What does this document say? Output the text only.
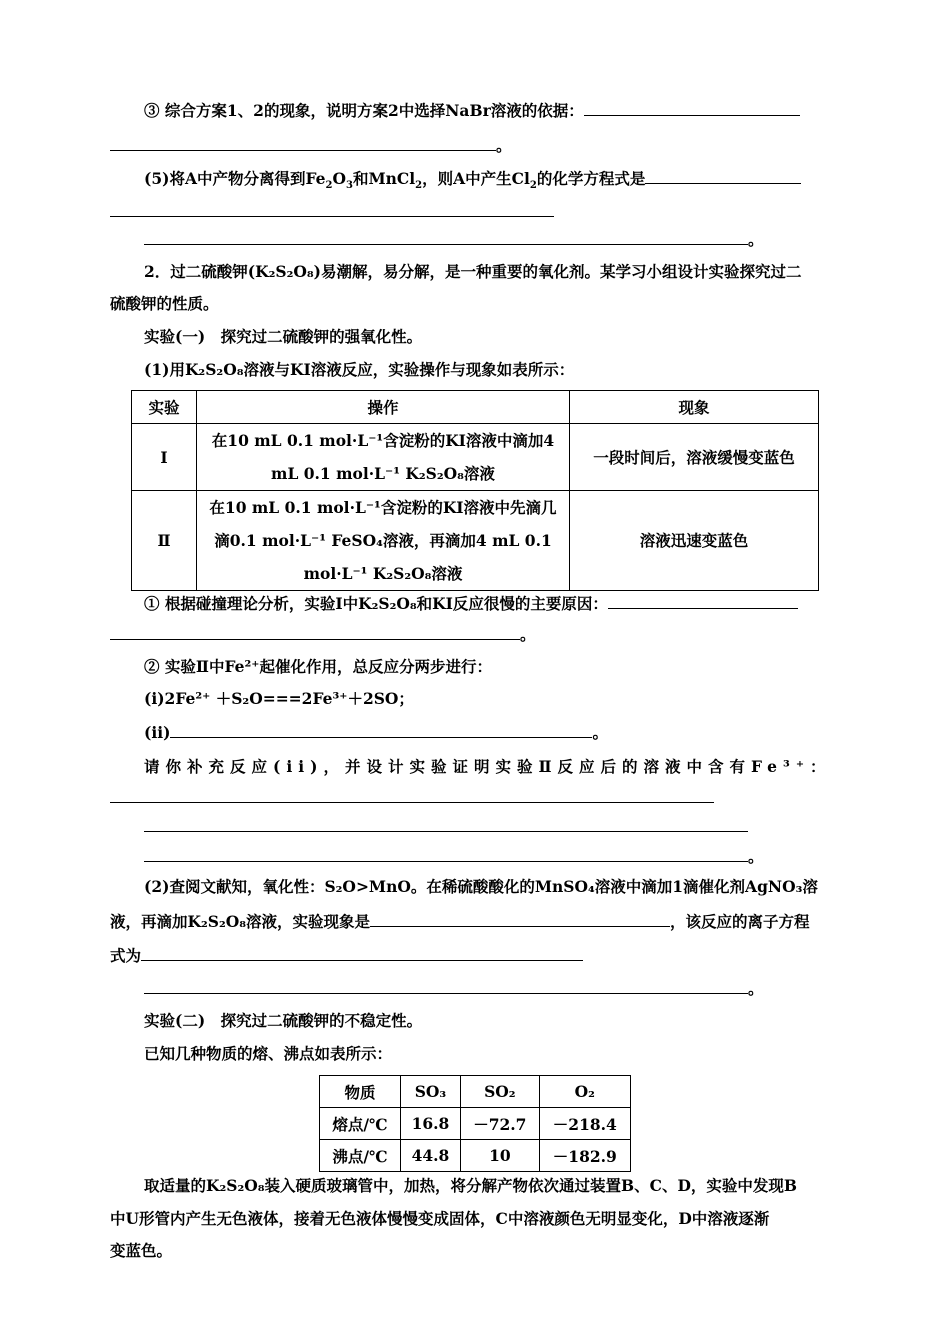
③ 综合方案1、2的现象，说明方案2中选择NaBr溶液的依据：
。
(5)将A中产物分离得到$Fe_2O_3$和MnCl$_2$，则A中产生$Cl_2$的化学方程式是
。
2．过二硫酸钾(K₂S₂O₈)易潮解，易分解，是一种重要的氧化剂。某学习小组设计实验探究过二
硫酸钾的性质。
实验(一)　探究过二硫酸钾的强氧化性。
(1)用K₂S₂O₈溶液与KI溶液反应，实验操作与现象如表所示：
实验	操作	现象
Ⅰ	在10 mL 0.1 mol·L⁻¹含淀粉的KI溶液中滴加4
mL 0.1 mol·L⁻¹ K₂S₂O₈溶液	一段时间后，溶液缓慢变蓝色
Ⅱ	在10 mL 0.1 mol·L⁻¹含淀粉的KI溶液中先滴几
滴0.1 mol·L⁻¹ FeSO₄溶液，再滴加4 mL 0.1
mol·L⁻¹ K₂S₂O₈溶液	溶液迅速变蓝色
① 根据碰撞理论分析，实验Ⅰ中K₂S₂O₈和KI反应很慢的主要原因：
。
② 实验Ⅱ中Fe²⁺起催化作用，总反应分两步进行：
(i)2Fe²⁺ ＋S₂O===2Fe³⁺＋2SO；
(ii)	。
请你补充反应(ii)，并设计实验证明实验Ⅱ反应后的溶液中含有Fe³⁺：
。
(2)查阅文献知，氧化性：S₂O>MnO。在稀硫酸酸化的MnSO₄溶液中滴加1滴催化剂AgNO₃溶
液，再滴加K₂S₂O₈溶液，实验现象是	，该反应的离子方程
式为
。
实验(二)　探究过二硫酸钾的不稳定性。
已知几种物质的熔、沸点如表所示：
物质	SO₃	SO₂	O₂
熔点/℃	16.8	－72.7	－218.4
沸点/℃	44.8	10	－182.9
取适量的K₂S₂O₈装入硬质玻璃管中，加热，将分解产物依次通过装置B、C、D，实验中发现B
中U形管内产生无色液体，接着无色液体慢慢变成固体，C中溶液颜色无明显变化，D中溶液逐渐
变蓝色。
